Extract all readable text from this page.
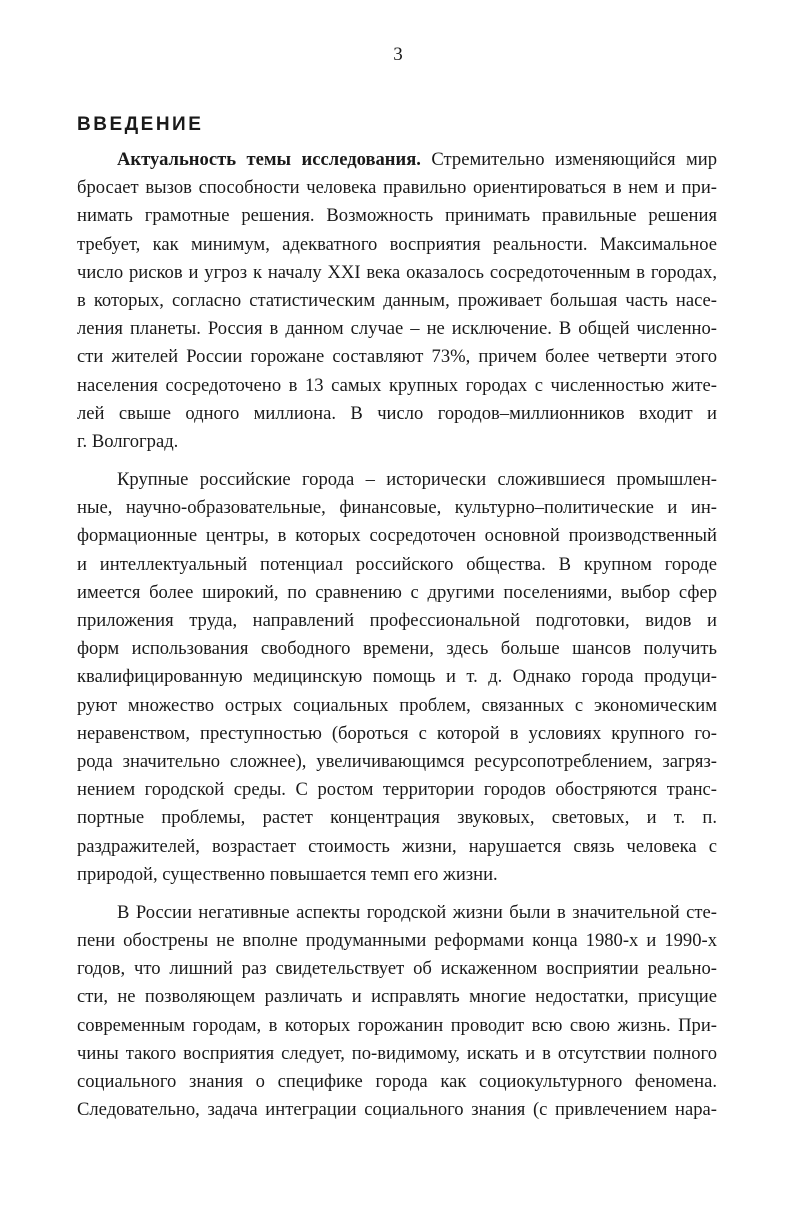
3
ВВЕДЕНИЕ
Актуальность темы исследования. Стремительно изменяющийся мир
бросает вызов способности человека правильно ориентироваться в нем и при-
нимать грамотные решения. Возможность принимать правильные решения
требует, как минимум, адекватного восприятия реальности. Максимальное
число рисков и угроз к началу XXI века оказалось сосредоточенным в городах,
в которых, согласно статистическим данным, проживает большая часть насе-
ления планеты. Россия в данном случае – не исключение. В общей численно-
сти жителей России горожане составляют 73%, причем более четверти этого
населения сосредоточено в 13 самых крупных городах с численностью жите-
лей свыше одного миллиона. В число городов–миллионников входит и
г. Волгоград.
Крупные российские города – исторически сложившиеся промышлен-
ные, научно-образовательные, финансовые, культурно–политические и ин-
формационные центры, в которых сосредоточен основной производственный
и интеллектуальный потенциал российского общества. В крупном городе
имеется более широкий, по сравнению с другими поселениями, выбор сфер
приложения труда, направлений профессиональной подготовки, видов и
форм использования свободного времени, здесь больше шансов получить
квалифицированную медицинскую помощь и т. д. Однако города продуци-
руют множество острых социальных проблем, связанных с экономическим
неравенством, преступностью (бороться с которой в условиях крупного го-
рода значительно сложнее), увеличивающимся ресурсопотреблением, загряз-
нением городской среды. С ростом территории городов обостряются транс-
портные проблемы, растет концентрация звуковых, световых, и т. п.
раздражителей, возрастает стоимость жизни, нарушается связь человека с
природой, существенно повышается темп его жизни.
В России негативные аспекты городской жизни были в значительной сте-
пени обострены не вполне продуманными реформами конца 1980-х и 1990-х
годов, что лишний раз свидетельствует об искаженном восприятии реально-
сти, не позволяющем различать и исправлять многие недостатки, присущие
современным городам, в которых горожанин проводит всю свою жизнь. При-
чины такого восприятия следует, по-видимому, искать и в отсутствии полного
социального знания о специфике города как социокультурного феномена.
Следовательно, задача интеграции социального знания (с привлечением нара-
